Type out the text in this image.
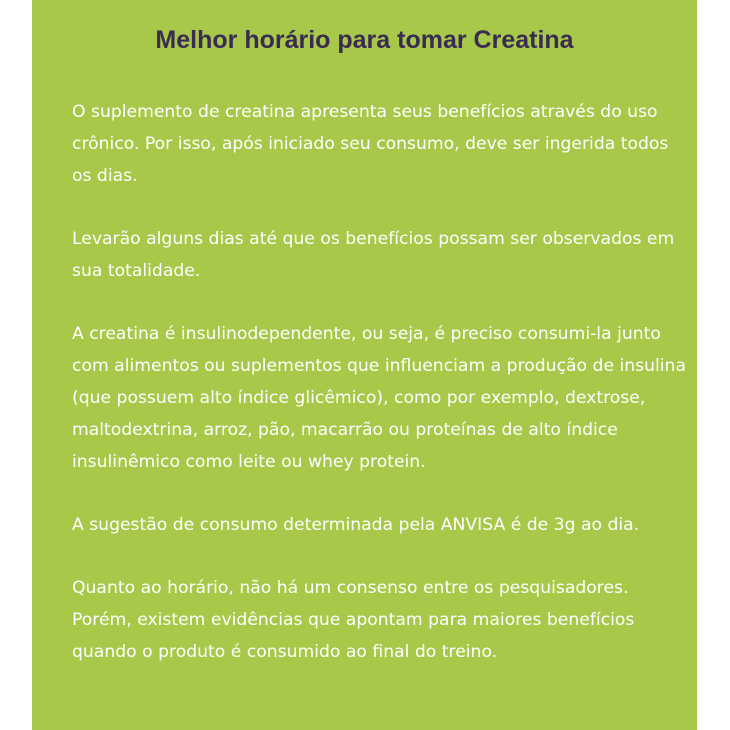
Melhor horário para tomar Creatina

O suplemento de creatina apresenta seus benefícios através do uso crônico. Por isso, após iniciado seu consumo, deve ser ingerida todos os dias.

Levarão alguns dias até que os benefícios possam ser observados em sua totalidade.

A creatina é insulinodependente, ou seja, é preciso consumi-la junto com alimentos ou suplementos que influenciam a produção de insulina (que possuem alto índice glicêmico), como por exemplo, dextrose, maltodextrina, arroz, pão, macarrão ou proteínas de alto índice insulinêmico como leite ou whey protein.

A sugestão de consumo determinada pela ANVISA é de 3g ao dia.

Quanto ao horário, não há um consenso entre os pesquisadores. Porém, existem evidências que apontam para maiores benefícios quando o produto é consumido ao final do treino.
